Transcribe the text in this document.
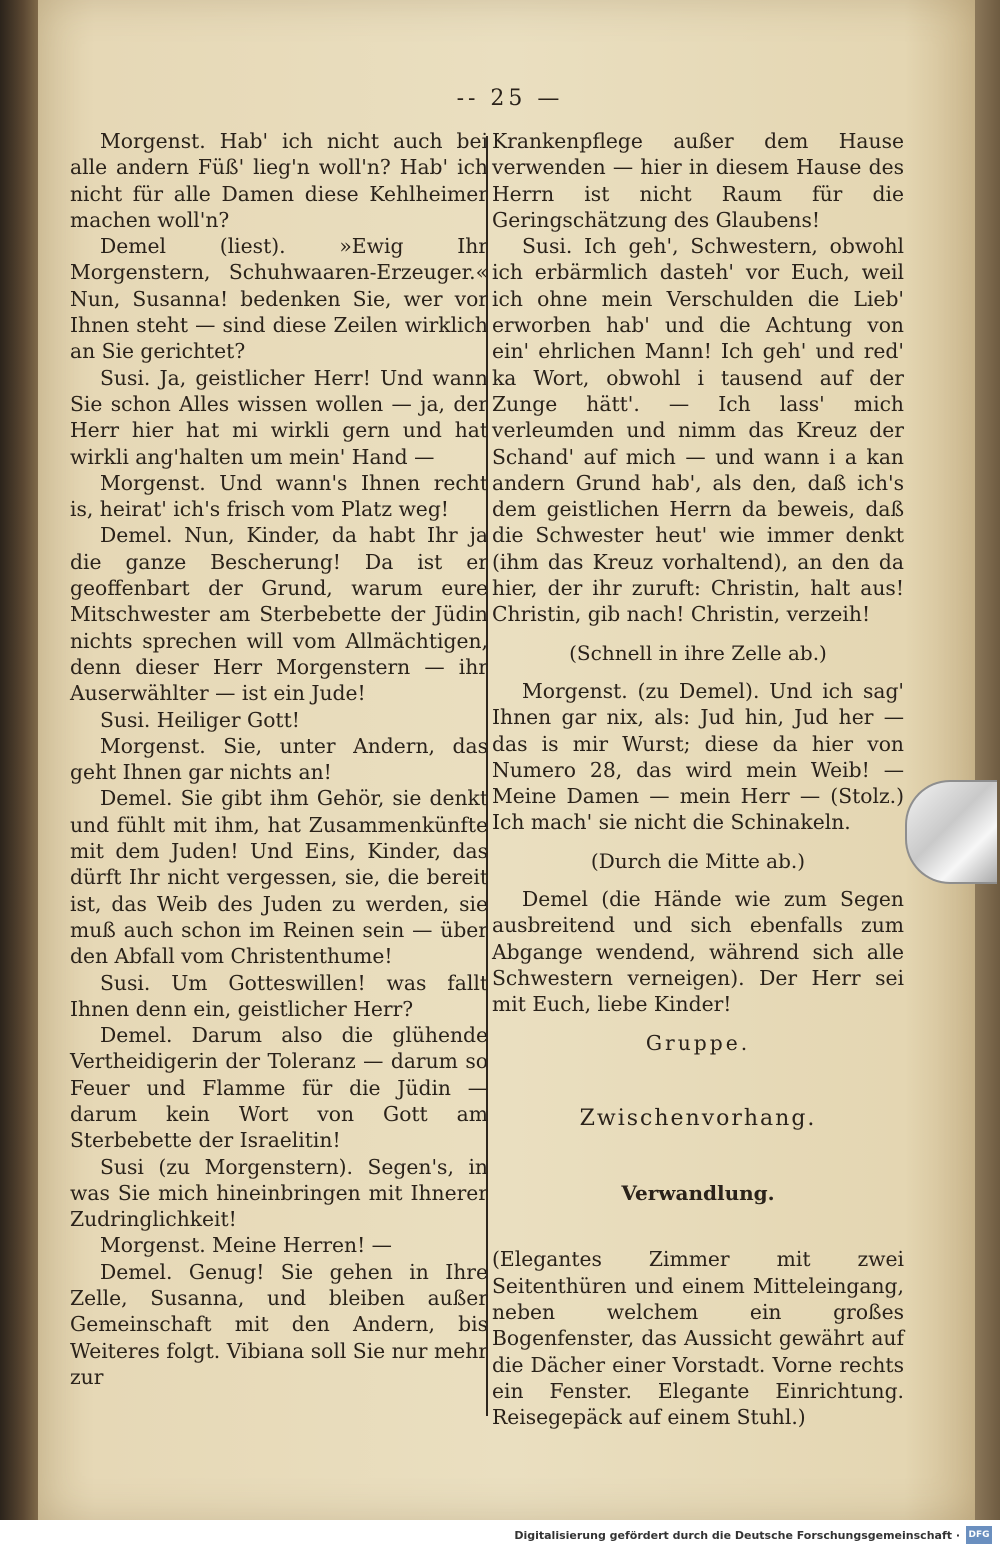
-- 25 —

Morgenst. Hab' ich nicht auch bei alle andern Füß' lieg'n woll'n? Hab' ich nicht für alle Damen diese Kehlheimer machen woll'n?

Demel (liest). »Ewig Ihr Morgenstern, Schuhwaaren-Erzeuger.« Nun, Susanna! bedenken Sie, wer vor Ihnen steht — sind diese Zeilen wirklich an Sie gerichtet?

Susi. Ja, geistlicher Herr! Und wann Sie schon Alles wissen wollen — ja, der Herr hier hat mi wirkli gern und hat wirkli ang'halten um mein' Hand —

Morgenst. Und wann's Ihnen recht is, heirat' ich's frisch vom Platz weg!

Demel. Nun, Kinder, da habt Ihr ja die ganze Bescherung! Da ist er geoffenbart der Grund, warum eure Mitschwester am Sterbebette der Jüdin nichts sprechen will vom Allmächtigen, denn dieser Herr Morgenstern — ihr Auserwählter — ist ein Jude!

Susi. Heiliger Gott!

Morgenst. Sie, unter Andern, das geht Ihnen gar nichts an!

Demel. Sie gibt ihm Gehör, sie denkt und fühlt mit ihm, hat Zusammenkünfte mit dem Juden! Und Eins, Kinder, das dürft Ihr nicht vergessen, sie, die bereit ist, das Weib des Juden zu werden, sie muß auch schon im Reinen sein — über den Abfall vom Christenthume!

Susi. Um Gotteswillen! was fallt Ihnen denn ein, geistlicher Herr?

Demel. Darum also die glühende Vertheidigerin der Toleranz — darum so Feuer und Flamme für die Jüdin — darum kein Wort von Gott am Sterbebette der Israelitin!

Susi (zu Morgenstern). Segen's, in was Sie mich hineinbringen mit Ihnerer Zudringlichkeit!

Morgenst. Meine Herren! —

Demel. Genug! Sie gehen in Ihre Zelle, Susanna, und bleiben außer Gemeinschaft mit den Andern, bis Weiteres folgt. Vibiana soll Sie nur mehr zur

Krankenpflege außer dem Hause verwenden — hier in diesem Hause des Herrn ist nicht Raum für die Geringschätzung des Glaubens!

Susi. Ich geh', Schwestern, obwohl ich erbärmlich dasteh' vor Euch, weil ich ohne mein Verschulden die Lieb' erworben hab' und die Achtung von ein' ehrlichen Mann! Ich geh' und red' ka Wort, obwohl i tausend auf der Zunge hätt'. — Ich lass' mich verleumden und nimm das Kreuz der Schand' auf mich — und wann i a kan andern Grund hab', als den, daß ich's dem geistlichen Herrn da beweis, daß die Schwester heut' wie immer denkt (ihm das Kreuz vorhaltend), an den da hier, der ihr zuruft: Christin, halt aus! Christin, gib nach! Christin, verzeih!

(Schnell in ihre Zelle ab.)

Morgenst. (zu Demel). Und ich sag' Ihnen gar nix, als: Jud hin, Jud her — das is mir Wurst; diese da hier von Numero 28, das wird mein Weib! — Meine Damen — mein Herr — (Stolz.) Ich mach' sie nicht die Schinakeln.

(Durch die Mitte ab.)

Demel (die Hände wie zum Segen ausbreitend und sich ebenfalls zum Abgange wendend, während sich alle Schwestern verneigen). Der Herr sei mit Euch, liebe Kinder!

Gruppe.

Zwischenvorhang.

Verwandlung.

(Elegantes Zimmer mit zwei Seitenthüren und einem Mitteleingang, neben welchem ein großes Bogenfenster, das Aussicht gewährt auf die Dächer einer Vorstadt. Vorne rechts ein Fenster. Elegante Einrichtung. Reisegepäck auf einem Stuhl.)

Digitalisierung gefördert durch die Deutsche Forschungsgemeinschaft · DFG
